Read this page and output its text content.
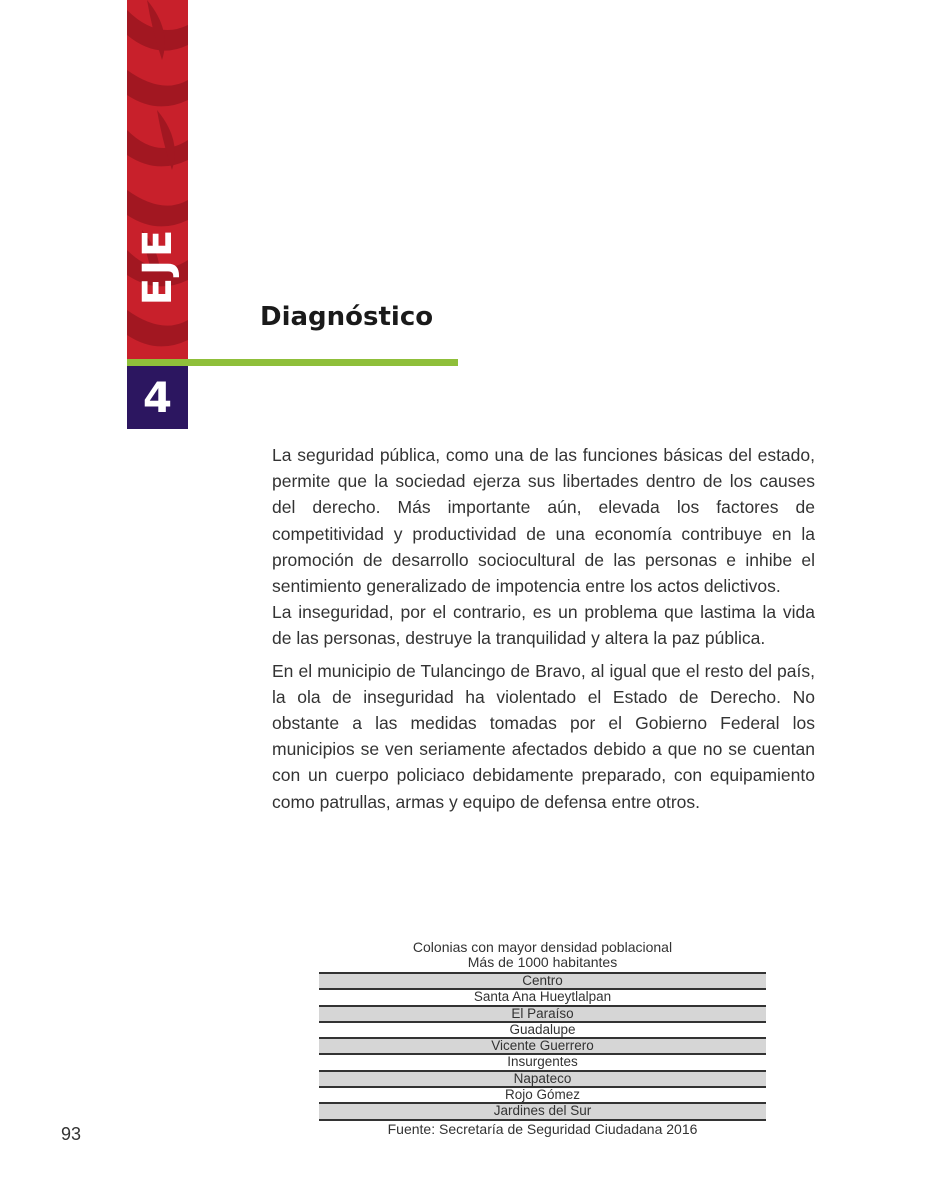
EJE
4
Diagnóstico

La seguridad pública, como una de las funciones básicas del estado, permite que la sociedad ejerza sus libertades dentro de los causes del derecho. Más importante aún, elevada los factores de competitividad y productividad de una economía contribuye en la promoción de desarrollo sociocultural de las personas e inhibe el sentimiento generalizado de impotencia entre los actos delictivos.

La inseguridad, por el contrario, es un problema que lastima la vida de las personas, destruye la tranquilidad y altera la paz pública.

En el municipio de Tulancingo de Bravo, al igual que el resto del país, la ola de inseguridad ha violentado el Estado de Derecho. No obstante a las medidas tomadas por el Gobierno Federal los municipios se ven seriamente afectados debido a que no se cuentan con un cuerpo policiaco debidamente preparado, con equipamiento como patrullas, armas y equipo de defensa entre otros.

Colonias con mayor densidad poblacional
Más de 1000 habitantes
Centro
Santa Ana Hueytlalpan
El Paraíso
Guadalupe
Vicente Guerrero
Insurgentes
Napateco
Rojo Gómez
Jardines del Sur
Fuente: Secretaría de Seguridad Ciudadana 2016
93
